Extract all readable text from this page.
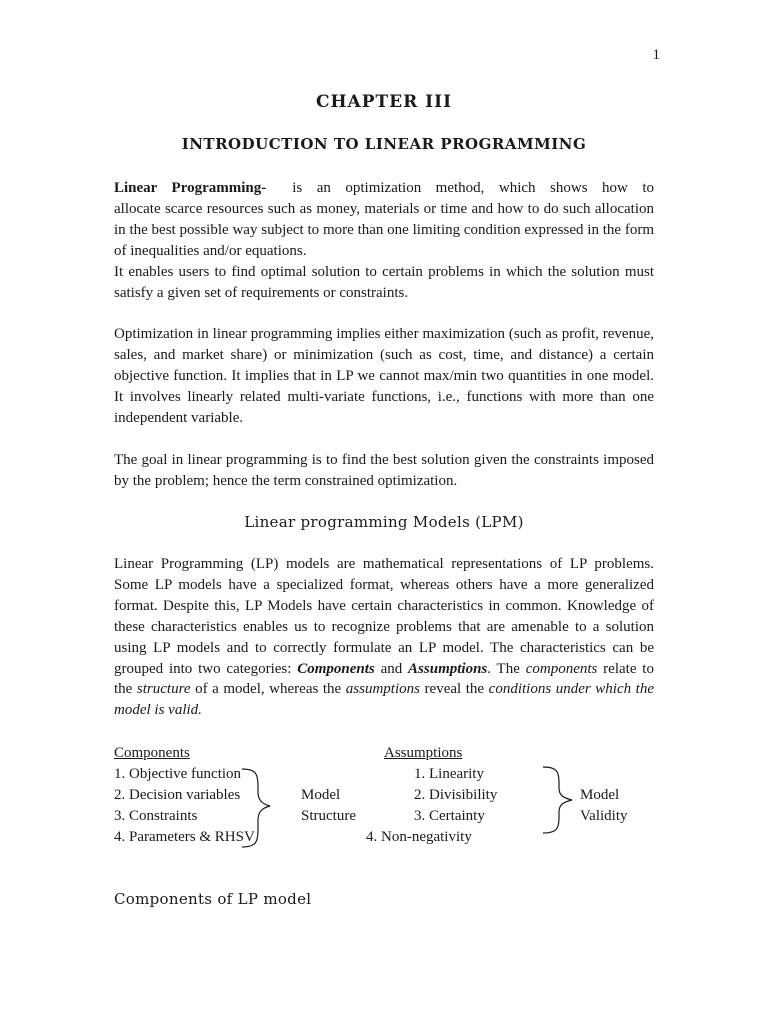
1
CHAPTER III
INTRODUCTION TO LINEAR PROGRAMMING

Linear Programming- is an optimization method, which shows how to

allocate scarce resources such as money, materials or time and how to do such allocation in the best possible way subject to more than one limiting condition expressed in the form of inequalities and/or equations.

It enables users to find optimal solution to certain problems in which the solution must satisfy a given set of requirements or constraints.

Optimization in linear programming implies either maximization (such as profit, revenue, sales, and market share) or minimization (such as cost, time, and distance) a certain objective function. It implies that in LP we cannot max/min two quantities in one model. It involves linearly related multi-variate functions, i.e., functions with more than one independent variable.
The goal in linear programming is to find the best solution given the constraints imposed by the problem; hence the term constrained optimization.
Linear programming Models (LPM)
Linear Programming (LP) models are mathematical representations of LP problems. Some LP models have a specialized format, whereas others have a more generalized format. Despite this, LP Models have certain characteristics in common. Knowledge of these characteristics enables us to recognize problems that are amenable to a solution using LP models and to correctly formulate an LP model. The characteristics can be grouped into two categories: Components and Assumptions. The components relate to the structure of a model, whereas the assumptions reveal the conditions under which the model is valid.
Components	Assumptions
1. Objective function
2. Decision variables
3. Constraints
4. Parameters & RHSV
Model
Structure
1. Linearity
2. Divisibility
3. Certainty
4. Non-negativity
Model
Validity
Components of LP model
